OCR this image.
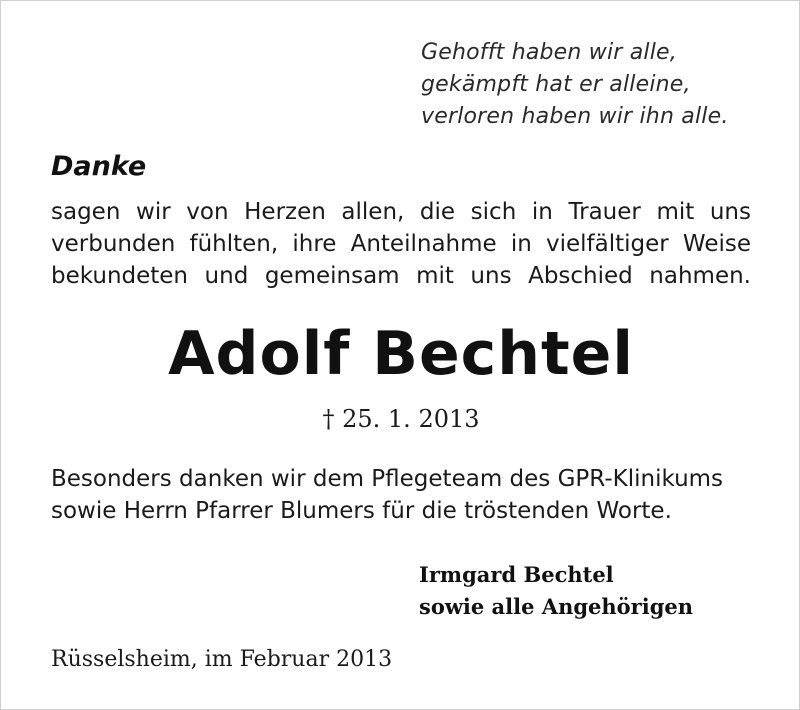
Gehofft haben wir alle,
gekämpft hat er alleine,
verloren haben wir ihn alle.
Danke
sagen wir von Herzen allen, die sich in Trauer mit uns
verbunden fühlten, ihre Anteilnahme in vielfältiger Weise
bekundeten und gemeinsam mit uns Abschied nahmen.
Adolf Bechtel
† 25. 1. 2013
Besonders danken wir dem Pflegeteam des GPR-Klinikums
sowie Herrn Pfarrer Blumers für die tröstenden Worte.
Irmgard Bechtel
sowie alle Angehörigen
Rüsselsheim, im Februar 2013
